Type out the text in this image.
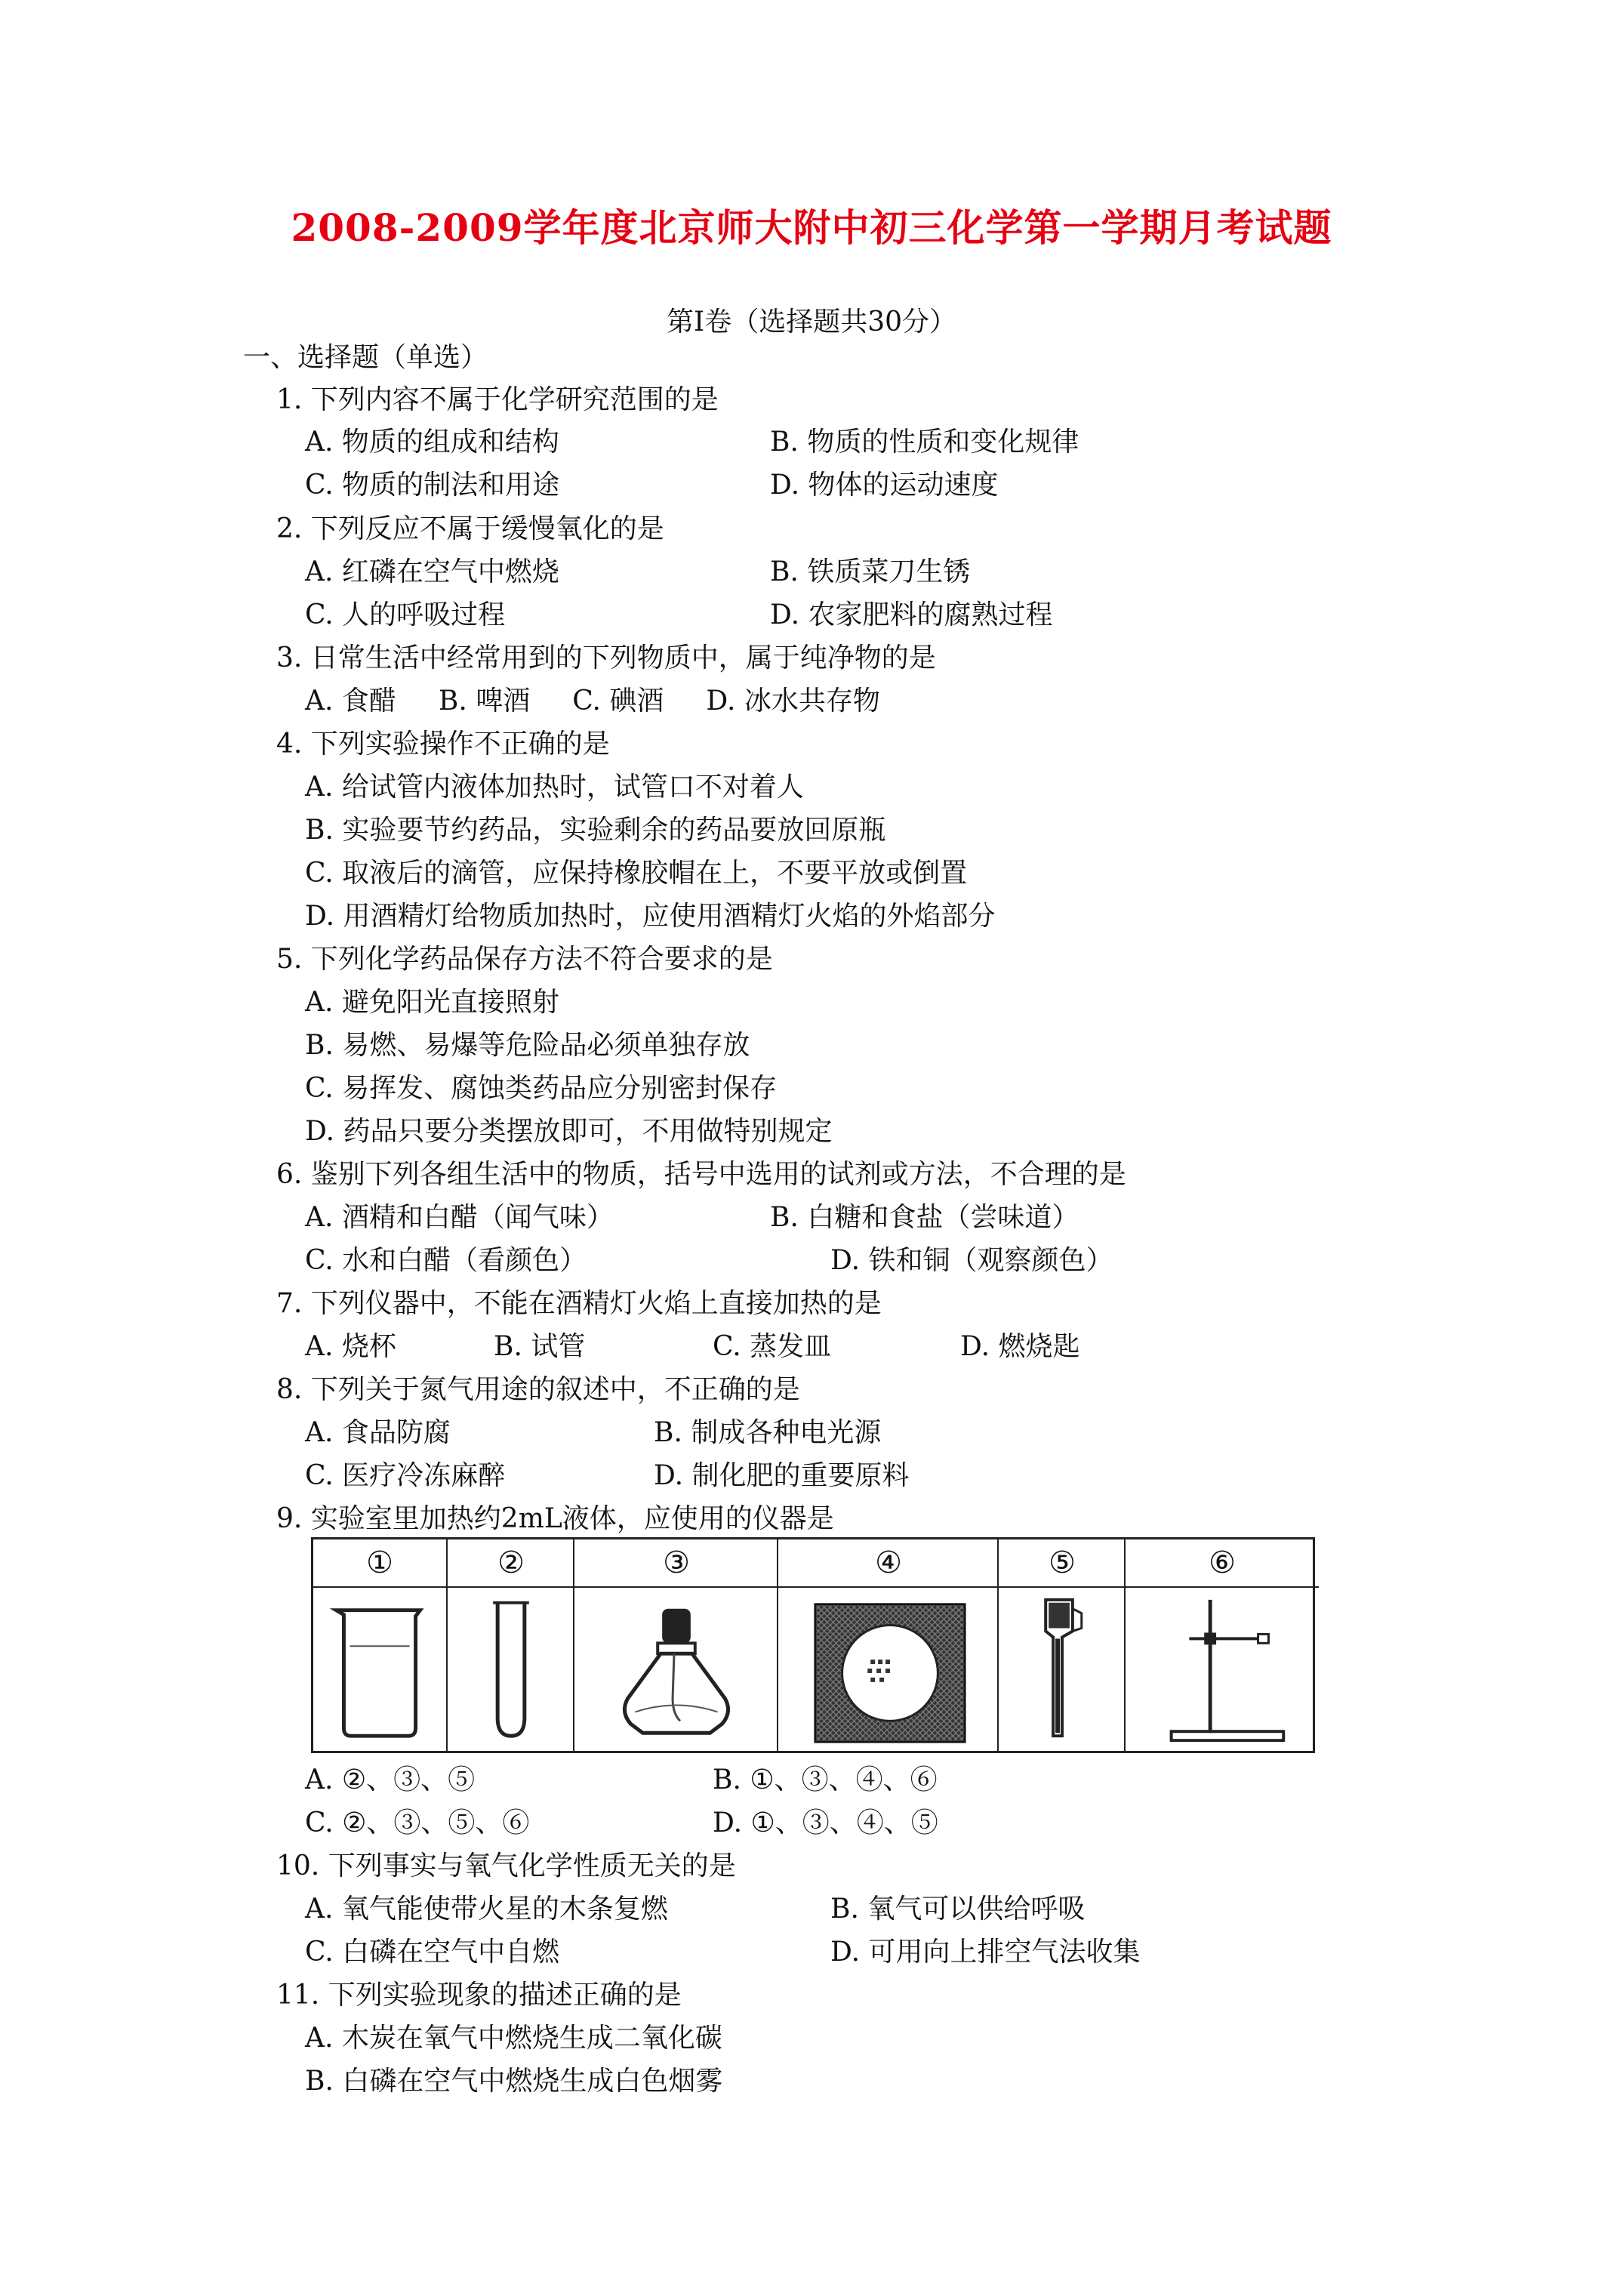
2008-2009学年度北京师大附中初三化学第一学期月考试题
第Ⅰ卷（选择题共30分）
一、选择题（单选）
1. 下列内容不属于化学研究范围的是
A. 物质的组成和结构	B. 物质的性质和变化规律
C. 物质的制法和用途	D. 物体的运动速度
2. 下列反应不属于缓慢氧化的是
A. 红磷在空气中燃烧	B. 铁质菜刀生锈
C. 人的呼吸过程	D. 农家肥料的腐熟过程
3. 日常生活中经常用到的下列物质中，属于纯净物的是
A. 食醋 B. 啤酒 C. 碘酒 D. 冰水共存物
4. 下列实验操作不正确的是
A. 给试管内液体加热时，试管口不对着人
B. 实验要节约药品，实验剩余的药品要放回原瓶
C. 取液后的滴管，应保持橡胶帽在上，不要平放或倒置
D. 用酒精灯给物质加热时，应使用酒精灯火焰的外焰部分
5. 下列化学药品保存方法不符合要求的是
A. 避免阳光直接照射
B. 易燃、易爆等危险品必须单独存放
C. 易挥发、腐蚀类药品应分别密封保存
D. 药品只要分类摆放即可，不用做特别规定
6. 鉴别下列各组生活中的物质，括号中选用的试剂或方法，不合理的是
A. 酒精和白醋（闻气味）	B. 白糖和食盐（尝味道）
C. 水和白醋（看颜色）	D. 铁和铜（观察颜色）
7. 下列仪器中，不能在酒精灯火焰上直接加热的是
A. 烧杯	B. 试管	C. 蒸发皿	D. 燃烧匙
8. 下列关于氮气用途的叙述中，不正确的是
A. 食品防腐	B. 制成各种电光源
C. 医疗冷冻麻醉	D. 制化肥的重要原料
9. 实验室里加热约2mL液体，应使用的仪器是
①	②	③	④	⑤	⑥
A. ②、③、⑤	B. ①、③、④、⑥
C. ②、③、⑤、⑥	D. ①、③、④、⑤
10. 下列事实与氧气化学性质无关的是
A. 氧气能使带火星的木条复燃	B. 氧气可以供给呼吸
C. 白磷在空气中自燃	D. 可用向上排空气法收集
11. 下列实验现象的描述正确的是
A. 木炭在氧气中燃烧生成二氧化碳
B. 白磷在空气中燃烧生成白色烟雾
